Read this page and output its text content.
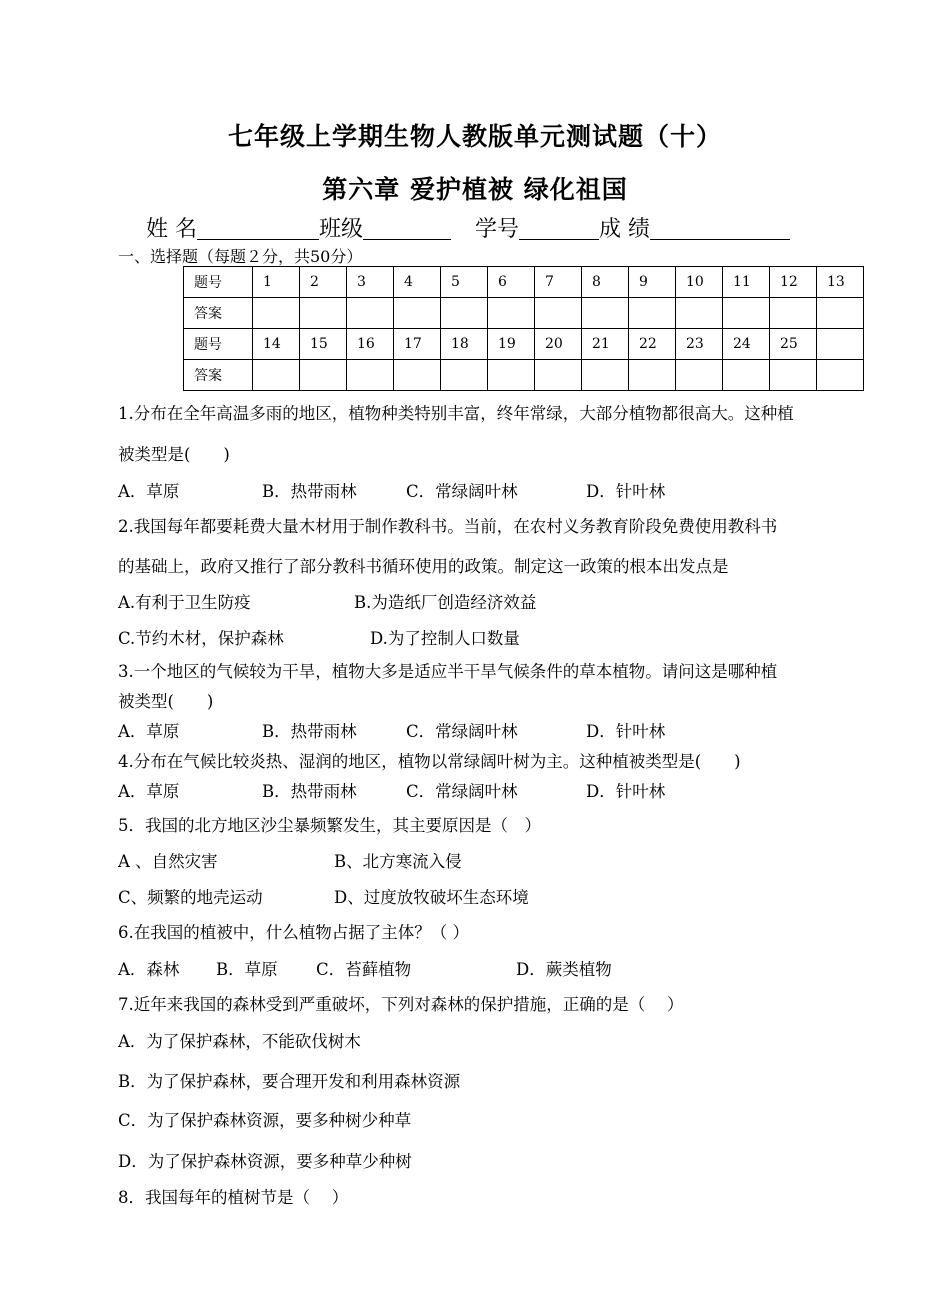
七年级上学期生物人教版单元测试题（十）
第六章 爱护植被 绿化祖国
姓 名	班级	学号	成 绩
一、选择题（每题２分，共50分）
题号	1	2	3	4	5	6	7	8	9	10	11	12	13
答案													
题号	14	15	16	17	18	19	20	21	22	23	24	25	
答案													
1.分布在全年高温多雨的地区，植物种类特别丰富，终年常绿，大部分植物都很高大。这种植
被类型是(　　)
A．草原	B．热带雨林	C．常绿阔叶林	D．针叶林
2.我国每年都要耗费大量木材用于制作教科书。当前，在农村义务教育阶段免费使用教科书
的基础上，政府又推行了部分教科书循环使用的政策。制定这一政策的根本出发点是
A.有利于卫生防疫	B.为造纸厂创造经济效益
C.节约木材，保护森林	D.为了控制人口数量
3.一个地区的气候较为干旱，植物大多是适应半干旱气候条件的草本植物。请问这是哪种植
被类型(　　)
A．草原	B．热带雨林	C．常绿阔叶林	D．针叶林
4.分布在气候比较炎热、湿润的地区，植物以常绿阔叶树为主。这种植被类型是(　　)
A．草原	B．热带雨林	C．常绿阔叶林	D．针叶林
5．我国的北方地区沙尘暴频繁发生，其主要原因是（　）
A 、自然灾害	B、北方寒流入侵
C、频繁的地壳运动	D、过度放牧破坏生态环境
6.在我国的植被中，什么植物占据了主体？（ ）
A．森林 B．草原 C．苔藓植物	D．蕨类植物
7.近年来我国的森林受到严重破坏，下列对森林的保护措施，正确的是（　 ）
A．为了保护森林，不能砍伐树木
B．为了保护森林，要合理开发和利用森林资源
C．为了保护森林资源，要多种树少种草
D．为了保护森林资源，要多种草少种树
8．我国每年的植树节是（　 ）
